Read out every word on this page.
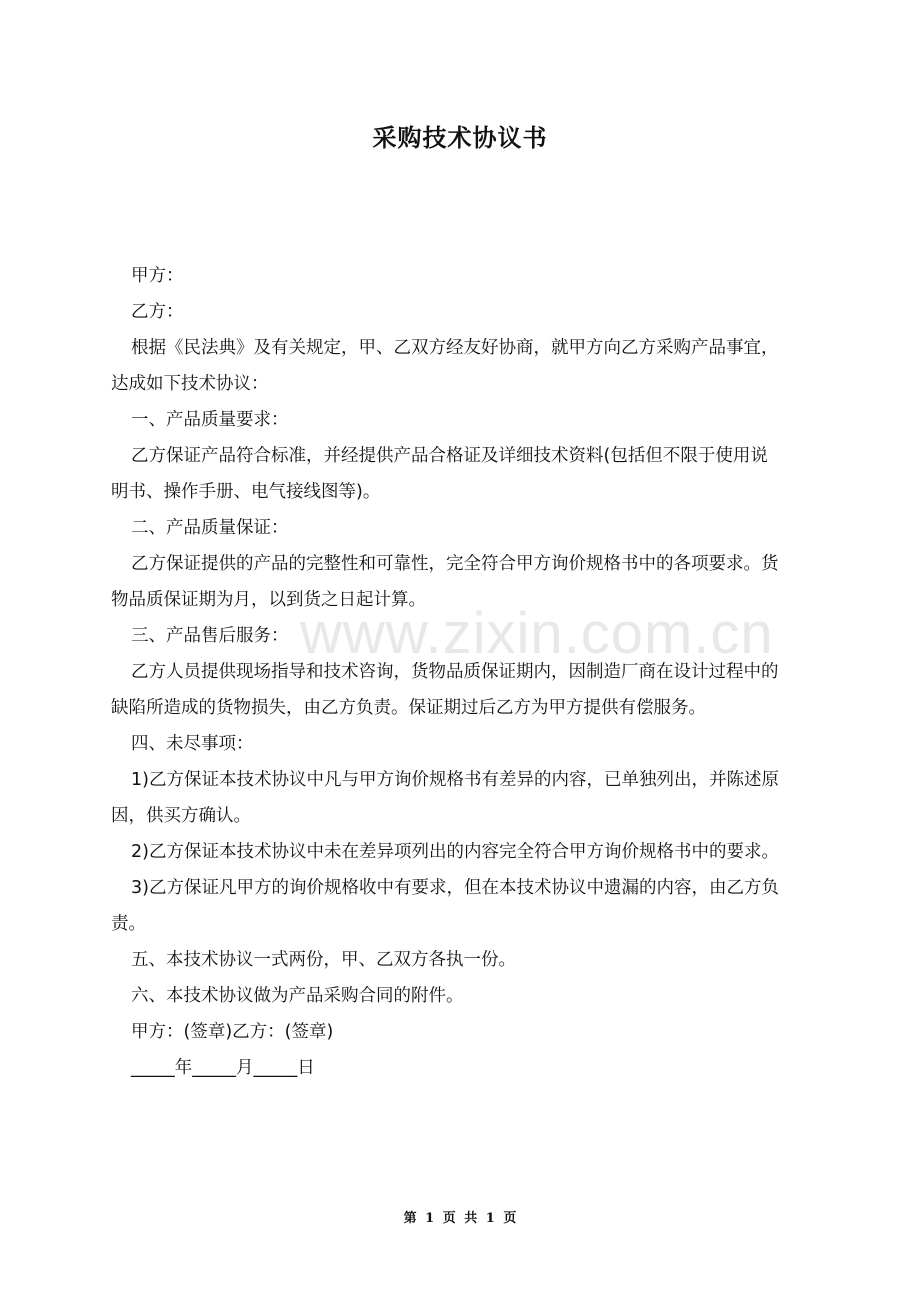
www.zixin.com.cn
采购技术协议书
甲方：
乙方：
根据《民法典》及有关规定，甲、乙双方经友好协商，就甲方向乙方采购产品事宜，
达成如下技术协议：
一、产品质量要求：
乙方保证产品符合标准，并经提供产品合格证及详细技术资料(包括但不限于使用说
明书、操作手册、电气接线图等)。
二、产品质量保证：
乙方保证提供的产品的完整性和可靠性，完全符合甲方询价规格书中的各项要求。货
物品质保证期为月，以到货之日起计算。
三、产品售后服务：
乙方人员提供现场指导和技术咨询，货物品质保证期内，因制造厂商在设计过程中的
缺陷所造成的货物损失，由乙方负责。保证期过后乙方为甲方提供有偿服务。
四、未尽事项：
1)乙方保证本技术协议中凡与甲方询价规格书有差异的内容，已单独列出，并陈述原
因，供买方确认。
2)乙方保证本技术协议中未在差异项列出的内容完全符合甲方询价规格书中的要求。
3)乙方保证凡甲方的询价规格收中有要求，但在本技术协议中遗漏的内容，由乙方负
责。
五、本技术协议一式两份，甲、乙双方各执一份。
六、本技术协议做为产品采购合同的附件。
甲方：(签章)乙方：(签章)
_____年_____月_____日
第 1 页 共 1 页
